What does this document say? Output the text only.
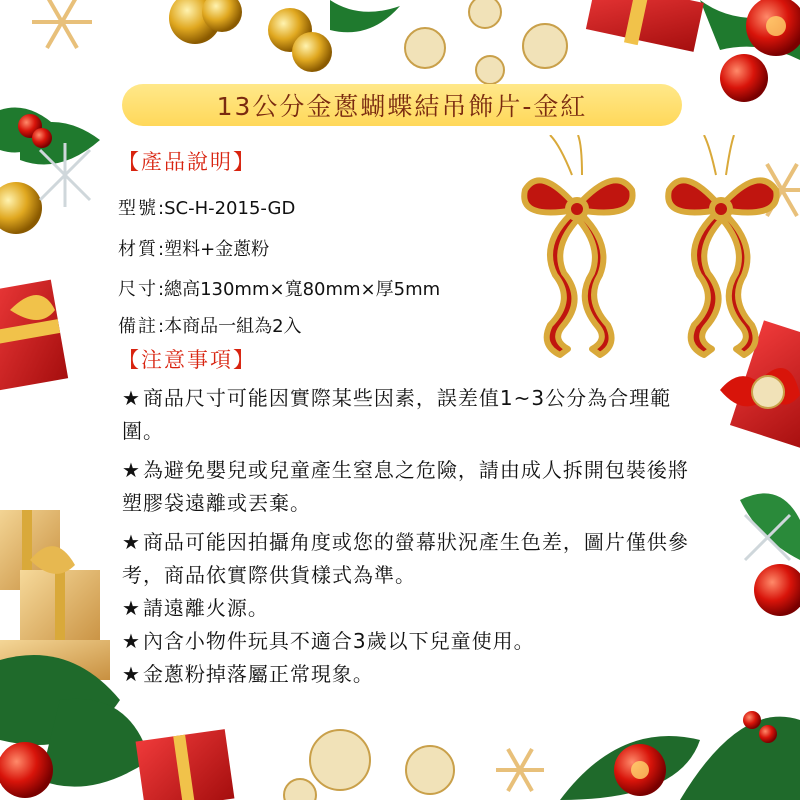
13公分金蔥蝴蝶結吊飾片-金紅
【產品說明】
型號:SC-H-2015-GD
材質:塑料+金蔥粉
尺寸:總高130mm×寬80mm×厚5mm
備註:本商品一組為2入
【注意事項】
★ 商品尺寸可能因實際某些因素，誤差值1~3公分為合理範圍。
★ 為避免嬰兒或兒童產生窒息之危險，請由成人拆開包裝後將塑膠袋遠離或丟棄。
★ 商品可能因拍攝角度或您的螢幕狀況產生色差，圖片僅供參考，商品依實際供貨樣式為準。
★ 請遠離火源。
★ 內含小物件玩具不適合3歲以下兒童使用。
★ 金蔥粉掉落屬正常現象。
